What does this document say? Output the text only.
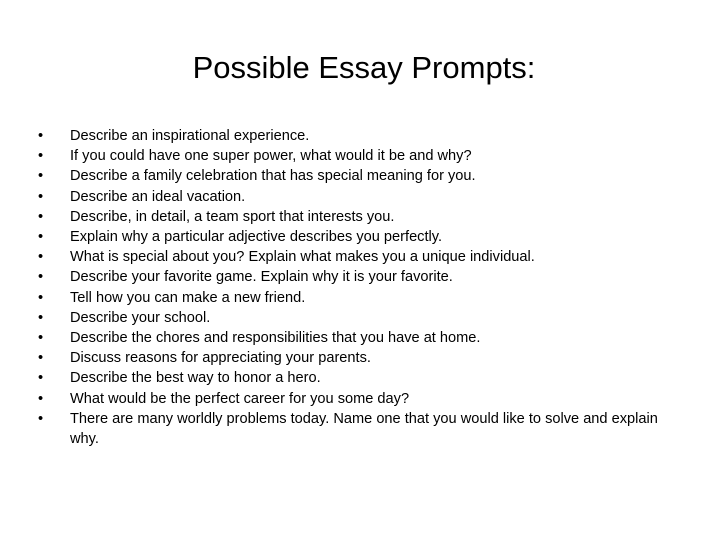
Possible Essay Prompts:
•	Describe an inspirational experience.
•	If you could have one super power, what would it be and why?
•	Describe a family celebration that has special meaning for you.
•	Describe an ideal vacation.
•	Describe, in detail, a team sport that interests you.
•	Explain why a particular adjective describes you perfectly.
•	What is special about you? Explain what makes you a unique individual.
•	Describe your favorite game. Explain why it is your favorite.
•	Tell how you can make a new friend.
•	Describe your school.
•	Describe the chores and responsibilities that you have at home.
•	Discuss reasons for appreciating your parents.
•	Describe the best way to honor a hero.
•	What would be the perfect career for you some day?
•	There are many worldly problems today. Name one that you would like to solve and explain why.
